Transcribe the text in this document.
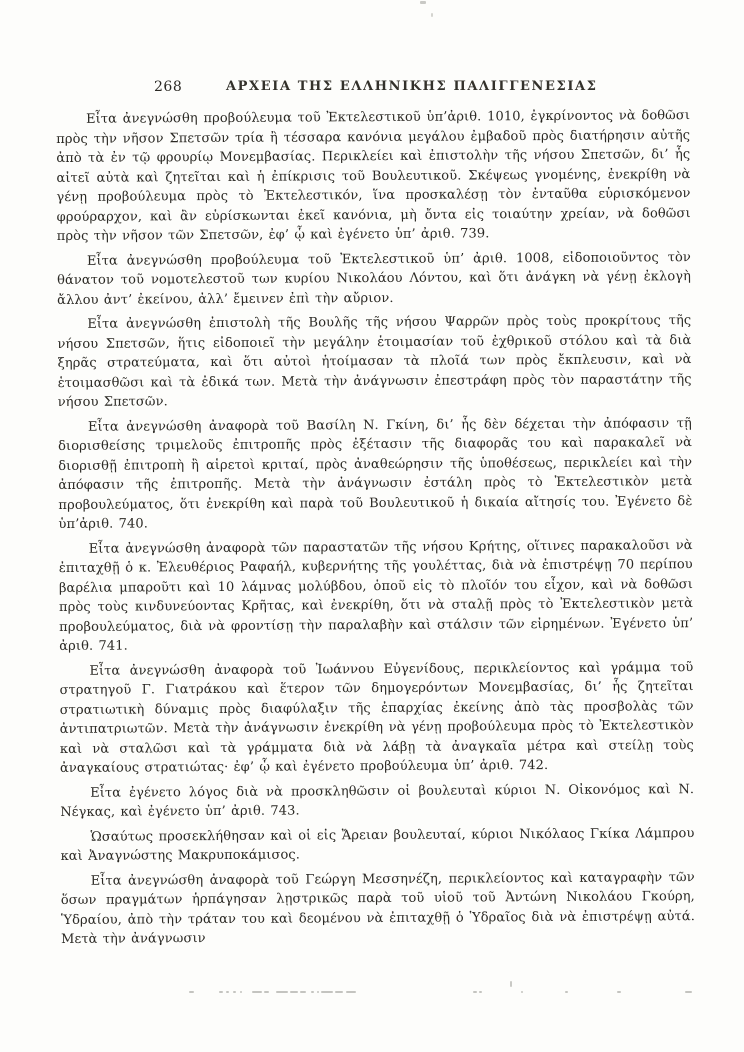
268	ΑΡΧΕΙΑ ΤΗΣ ΕΛΛΗΝΙΚΗΣ ΠΑΛΙΓΓΕΝΕΣΙΑΣ

Εἶτα ἀνεγνώσθη προβούλευμα τοῦ Ἐκτελεστικοῦ ὑπ’ἀριθ. 1010, ἐγκρίνοντος νὰ δοθῶσι πρὸς τὴν νῆσον Σπετσῶν τρία ἢ τέσσαρα κανόνια μεγάλου ἐμβαδοῦ πρὸς διατήρησιν αὐτῆς ἀπὸ τὰ ἐν τῷ φρουρίῳ Μονεμβασίας. Περικλείει καὶ ἐπιστολὴν τῆς νήσου Σπετσῶν, δι’ ἧς αἰτεῖ αὐτὰ καὶ ζητεῖται καὶ ἡ ἐπίκρισις τοῦ Βουλευτικοῦ. Σκέψεως γνομένης, ἐνεκρίθη νὰ γένῃ προβούλευμα πρὸς τὸ Ἐκτελεστικόν, ἵνα προσκαλέσῃ τὸν ἐνταῦθα εὑρισκόμενον φρούραρχον, καὶ ἂν εὑρίσκωνται ἐκεῖ κανόνια, μὴ ὄντα εἰς τοιαύτην χρείαν, νὰ δοθῶσι πρὸς τὴν νῆσον τῶν Σπετσῶν, ἐφ’ ᾧ καὶ ἐγένετο ὑπ’ ἀριθ. 739.

Εἶτα ἀνεγνώσθη προβούλευμα τοῦ Ἐκτελεστικοῦ ὑπ’ ἀριθ. 1008, εἰδοποιοῦντος τὸν θάνατον τοῦ νομοτελεστοῦ των κυρίου Νικολάου Λόντου, καὶ ὅτι ἀνάγκη νὰ γένῃ ἐκλογὴ ἄλλου ἀντ’ ἐκείνου, ἀλλ’ ἔμεινεν ἐπὶ τὴν αὔριον.

Εἶτα ἀνεγνώσθη ἐπιστολὴ τῆς Βουλῆς τῆς νήσου Ψαρρῶν πρὸς τοὺς προκρίτους τῆς νήσου Σπετσῶν, ἥτις εἰδοποιεῖ τὴν μεγάλην ἑτοιμασίαν τοῦ ἐχθρικοῦ στόλου καὶ τὰ διὰ ξηρᾶς στρατεύματα, καὶ ὅτι αὐτοὶ ἡτοίμασαν τὰ πλοῖά των πρὸς ἔκπλευσιν, καὶ νὰ ἑτοιμασθῶσι καὶ τὰ ἐδικά των. Μετὰ τὴν ἀνάγνωσιν ἐπεστράφη πρὸς τὸν παραστάτην τῆς νήσου Σπετσῶν.

Εἶτα ἀνεγνώσθη ἀναφορὰ τοῦ Βασίλη Ν. Γκίνη, δι’ ἧς δὲν δέχεται τὴν ἀπόφασιν τῇ διορισθείσης τριμελοῦς ἐπιτροπῆς πρὸς ἐξέτασιν τῆς διαφορᾶς του καὶ παρακαλεῖ νὰ διορισθῇ ἐπιτροπὴ ἢ αἱρετοὶ κριταί, πρὸς ἀναθεώρησιν τῆς ὑποθέσεως, περικλείει καὶ τὴν ἀπόφασιν τῆς ἐπιτροπῆς. Μετὰ τὴν ἀνάγνωσιν ἐστάλη πρὸς τὸ Ἐκτελεστικὸν μετὰ προβουλεύματος, ὅτι ἐνεκρίθη καὶ παρὰ τοῦ Βουλευτικοῦ ἡ δικαία αἴτησίς του. Ἐγένετο δὲ ὑπ’ἀριθ. 740.

Εἶτα ἀνεγνώσθη ἀναφορὰ τῶν παραστατῶν τῆς νήσου Κρήτης, οἵτινες παρακαλοῦσι νὰ ἐπιταχθῇ ὁ κ. Ἐλευθέριος Ραφαήλ, κυβερνήτης τῆς γουλέττας, διὰ νὰ ἐπιστρέψῃ 70 περίπου βαρέλια μπαροῦτι καὶ 10 λάμνας μολύβδου, ὁποῦ εἰς τὸ πλοῖόν του εἶχον, καὶ νὰ δοθῶσι πρὸς τοὺς κινδυνεύοντας Κρῆτας, καὶ ἐνεκρίθη, ὅτι νὰ σταλῇ πρὸς τὸ Ἐκτελεστικὸν μετὰ προβουλεύματος, διὰ νὰ φροντίσῃ τὴν παραλαβὴν καὶ στάλσιν τῶν εἰρημένων. Ἐγένετο ὑπ’ ἀριθ. 741.

Εἶτα ἀνεγνώσθη ἀναφορὰ τοῦ Ἰωάννου Εὐγενίδους, περικλείοντος καὶ γράμμα τοῦ στρατηγοῦ Γ. Γιατράκου καὶ ἕτερον τῶν δημογερόντων Μονεμβασίας, δι’ ἧς ζητεῖται στρατιωτικὴ δύναμις πρὸς διαφύλαξιν τῆς ἐπαρχίας ἐκείνης ἀπὸ τὰς προσβολὰς τῶν ἀντιπατριωτῶν. Μετὰ τὴν ἀνάγνωσιν ἐνεκρίθη νὰ γένῃ προβούλευμα πρὸς τὸ Ἐκτελεστικὸν καὶ νὰ σταλῶσι καὶ τὰ γράμματα διὰ νὰ λάβῃ τὰ ἀναγκαῖα μέτρα καὶ στείλῃ τοὺς ἀναγκαίους στρατιώτας· ἐφ’ ᾧ καὶ ἐγένετο προβούλευμα ὑπ’ ἀριθ. 742.

Εἶτα ἐγένετο λόγος διὰ νὰ προσκληθῶσιν οἱ βουλευταὶ κύριοι Ν. Οἰκονόμος καὶ Ν. Νέγκας, καὶ ἐγένετο ὑπ’ ἀριθ. 743.

Ὡσαύτως προσεκλήθησαν καὶ οἱ εἰς Ἄρειαν βουλευταί, κύριοι Νικόλαος Γκίκα Λάμπρου καὶ Ἀναγνώστης Μακρυποκάμισος.

Εἶτα ἀνεγνώσθη ἀναφορὰ τοῦ Γεώργη Μεσσηνέζη, περικλείοντος καὶ καταγραφὴν τῶν ὅσων πραγμάτων ἡρπάγησαν λῃστρικῶς παρὰ τοῦ υἱοῦ τοῦ Ἀντώνη Νικολάου Γκούρη, Ὑδραίου, ἀπὸ τὴν τράταν του καὶ δεομένου νὰ ἐπιταχθῇ ὁ Ὑδραῖος διὰ νὰ ἐπιστρέψῃ αὐτά. Μετὰ τὴν ἀνάγνωσιν
